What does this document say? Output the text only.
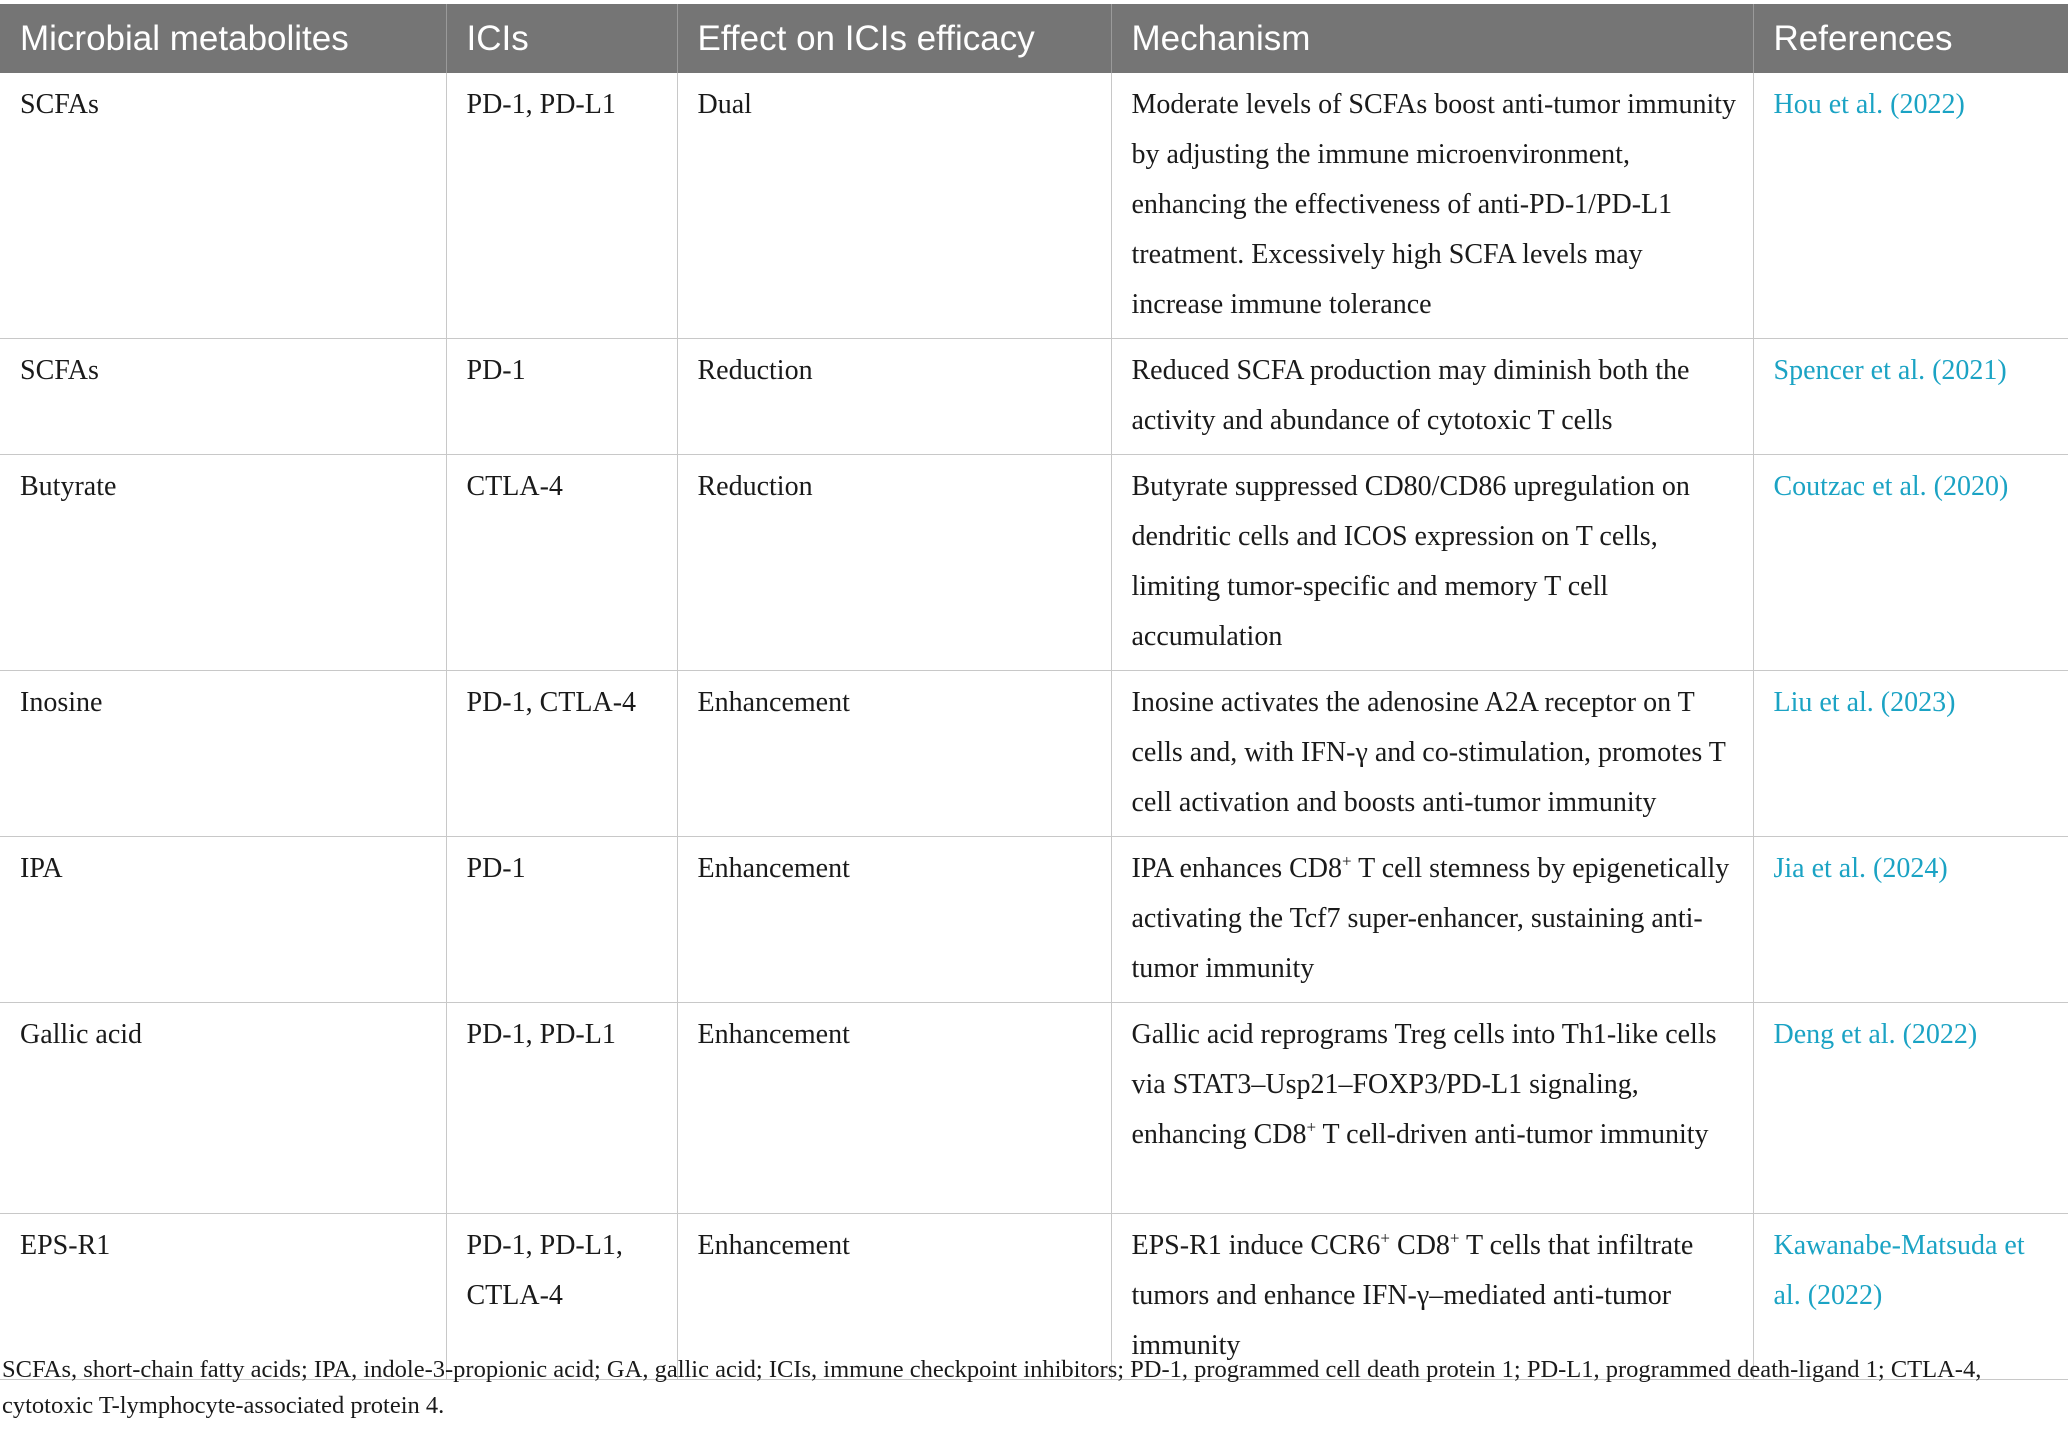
Microbial metabolites	ICIs	Effect on ICIs efficacy	Mechanism	References
SCFAs	PD-1, PD-L1	Dual	Moderate levels of SCFAs boost anti-tumor immunity by adjusting the immune microenvironment, enhancing the effectiveness of anti-PD-1/PD-L1 treatment. Excessively high SCFA levels may increase immune tolerance	Hou et al. (2022)
SCFAs	PD-1	Reduction	Reduced SCFA production may diminish both the activity and abundance of cytotoxic T cells	Spencer et al. (2021)
Butyrate	CTLA-4	Reduction	Butyrate suppressed CD80/CD86 upregulation on dendritic cells and ICOS expression on T cells, limiting tumor-specific and memory T cell accumulation	Coutzac et al. (2020)
Inosine	PD-1, CTLA-4	Enhancement	Inosine activates the adenosine A2A receptor on T cells and, with IFN-γ and co-stimulation, promotes T cell activation and boosts anti-tumor immunity	Liu et al. (2023)
IPA	PD-1	Enhancement	IPA enhances CD8+ T cell stemness by epigenetically activating the Tcf7 super-enhancer, sustaining anti-tumor immunity	Jia et al. (2024)
Gallic acid	PD-1, PD-L1	Enhancement	Gallic acid reprograms Treg cells into Th1-like cells via STAT3–Usp21–FOXP3/PD-L1 signaling, enhancing CD8+ T cell-driven anti-tumor immunity	Deng et al. (2022)
EPS-R1	PD-1, PD-L1, CTLA-4	Enhancement	EPS-R1 induce CCR6+ CD8+ T cells that infiltrate tumors and enhance IFN-γ–mediated anti-tumor immunity	Kawanabe-Matsuda et al. (2022)
SCFAs, short-chain fatty acids; IPA, indole-3-propionic acid; GA, gallic acid; ICIs, immune checkpoint inhibitors; PD-1, programmed cell death protein 1; PD-L1, programmed death-ligand 1; CTLA-4, cytotoxic T-lymphocyte-associated protein 4.
